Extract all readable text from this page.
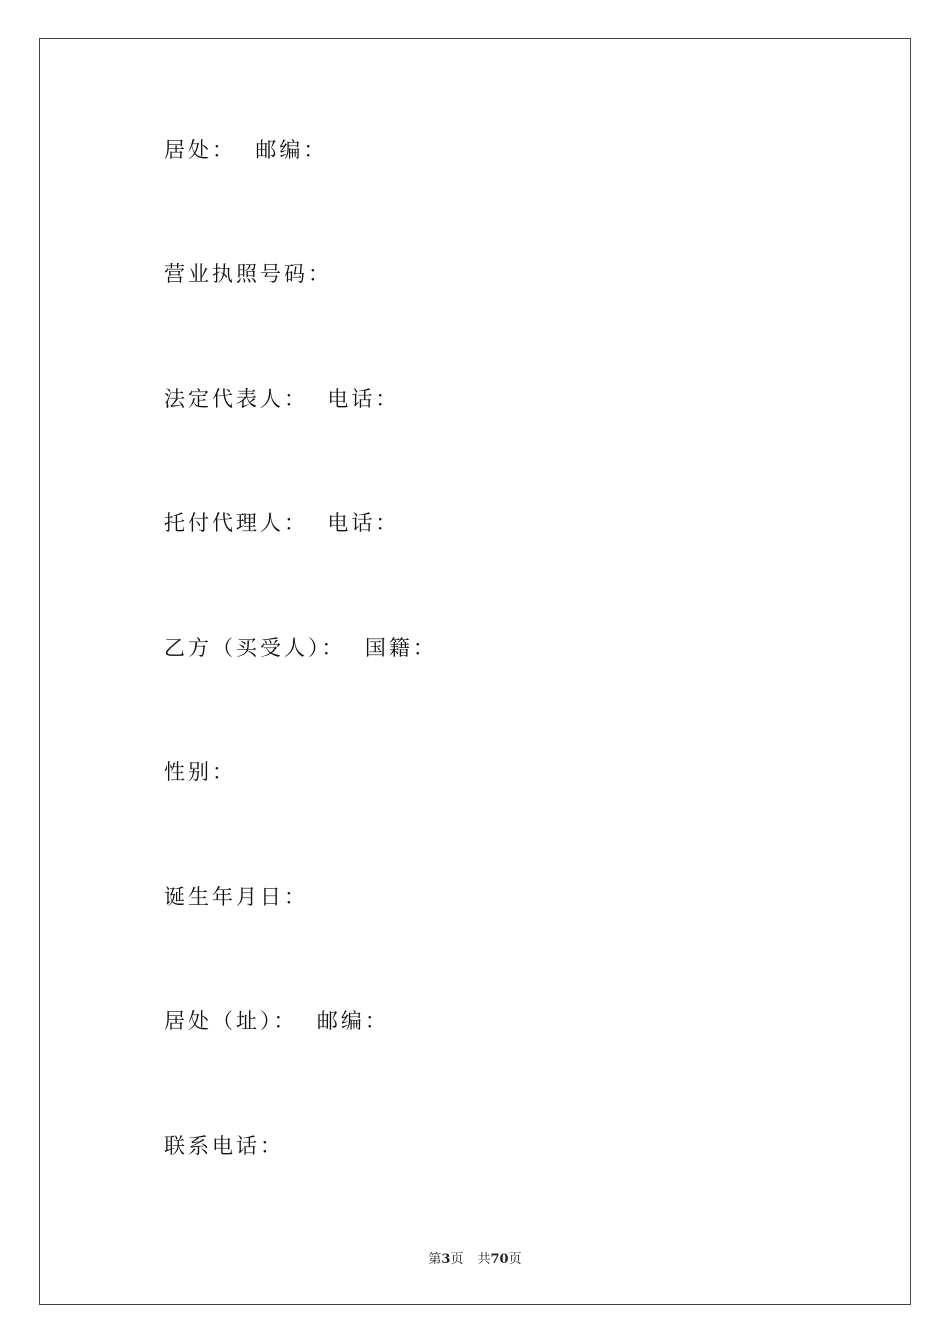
居处：  邮编：
营业执照号码：
法定代表人：  电话：
托付代理人：  电话：
乙方（买受人）：  国籍：
性别：
诞生年月日：
居处（址）：  邮编：
联系电话：
第3页 共70页
